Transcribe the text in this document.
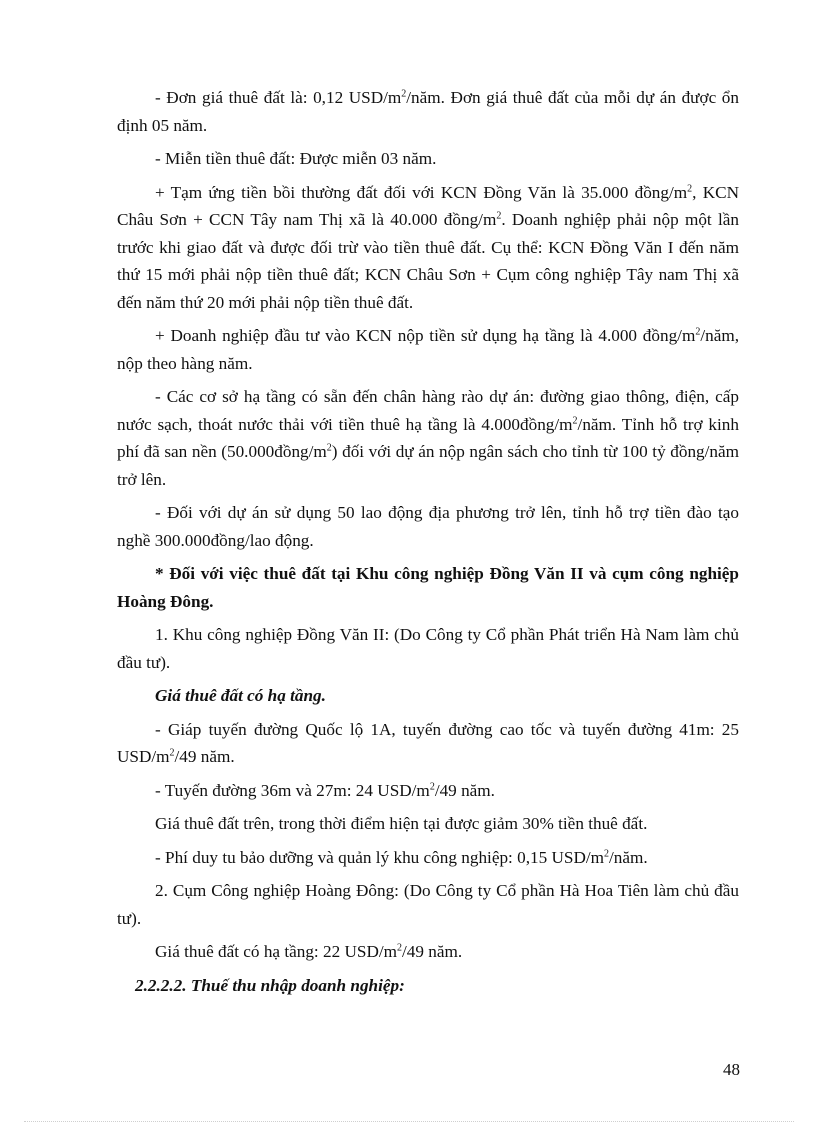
- Đơn giá thuê đất là: 0,12 USD/$m^2$/năm. Đơn giá thuê đất của mỗi dự án được ổn định 05 năm.

- Miễn tiền thuê đất: Được miễn 03 năm.

+ Tạm ứng tiền bồi thường đất đối với KCN Đồng Văn là 35.000 đồng/$m^2$, KCN Châu Sơn + CCN Tây nam Thị xã là 40.000 đồng/$m^2$. Doanh nghiệp phải nộp một lần trước khi giao đất và được đối trừ vào tiền thuê đất. Cụ thể: KCN Đồng Văn I đến năm thứ 15 mới phải nộp tiền thuê đất; KCN Châu Sơn + Cụm công nghiệp Tây nam Thị xã đến năm thứ 20 mới phải nộp tiền thuê đất.

+ Doanh nghiệp đầu tư vào KCN nộp tiền sử dụng hạ tầng là 4.000 đồng/$m^2$/năm, nộp theo hàng năm.

- Các cơ sở hạ tầng có sẵn đến chân hàng rào dự án: đường giao thông, điện, cấp nước sạch, thoát nước thải với tiền thuê hạ tầng là $4.000đồng/m^2$/năm. Tỉnh hỗ trợ kinh phí đã san nền $(50.000đồng/m^2)$ đối với dự án nộp ngân sách cho tỉnh từ 100 tỷ đồng/năm trở lên.

- Đối với dự án sử dụng 50 lao động địa phương trở lên, tỉnh hỗ trợ tiền đào tạo nghề 300.000đồng/lao động.

* Đối với việc thuê đất tại Khu công nghiệp Đồng Văn II và cụm công nghiệp Hoàng Đông.

1. Khu công nghiệp Đồng Văn II: (Do Công ty Cổ phần Phát triển Hà Nam làm chủ đầu tư).

Giá thuê đất có hạ tầng.

- Giáp tuyến đường Quốc lộ 1A, tuyến đường cao tốc và tuyến đường 41m: 25 USD/$m^2/49$ năm.

- Tuyến đường 36m và 27m: 24 USD/$m^2/49$ năm.

Giá thuê đất trên, trong thời điểm hiện tại được giảm 30% tiền thuê đất.

- Phí duy tu bảo dưỡng và quản lý khu công nghiệp: 0,15 USD/$m^2$/năm.

2. Cụm Công nghiệp Hoàng Đông: (Do Công ty Cổ phần Hà Hoa Tiên làm chủ đầu tư).

Giá thuê đất có hạ tầng: 22 USD/$m^2/49$ năm.

2.2.2.2. Thuế thu nhập doanh nghiệp:

48
